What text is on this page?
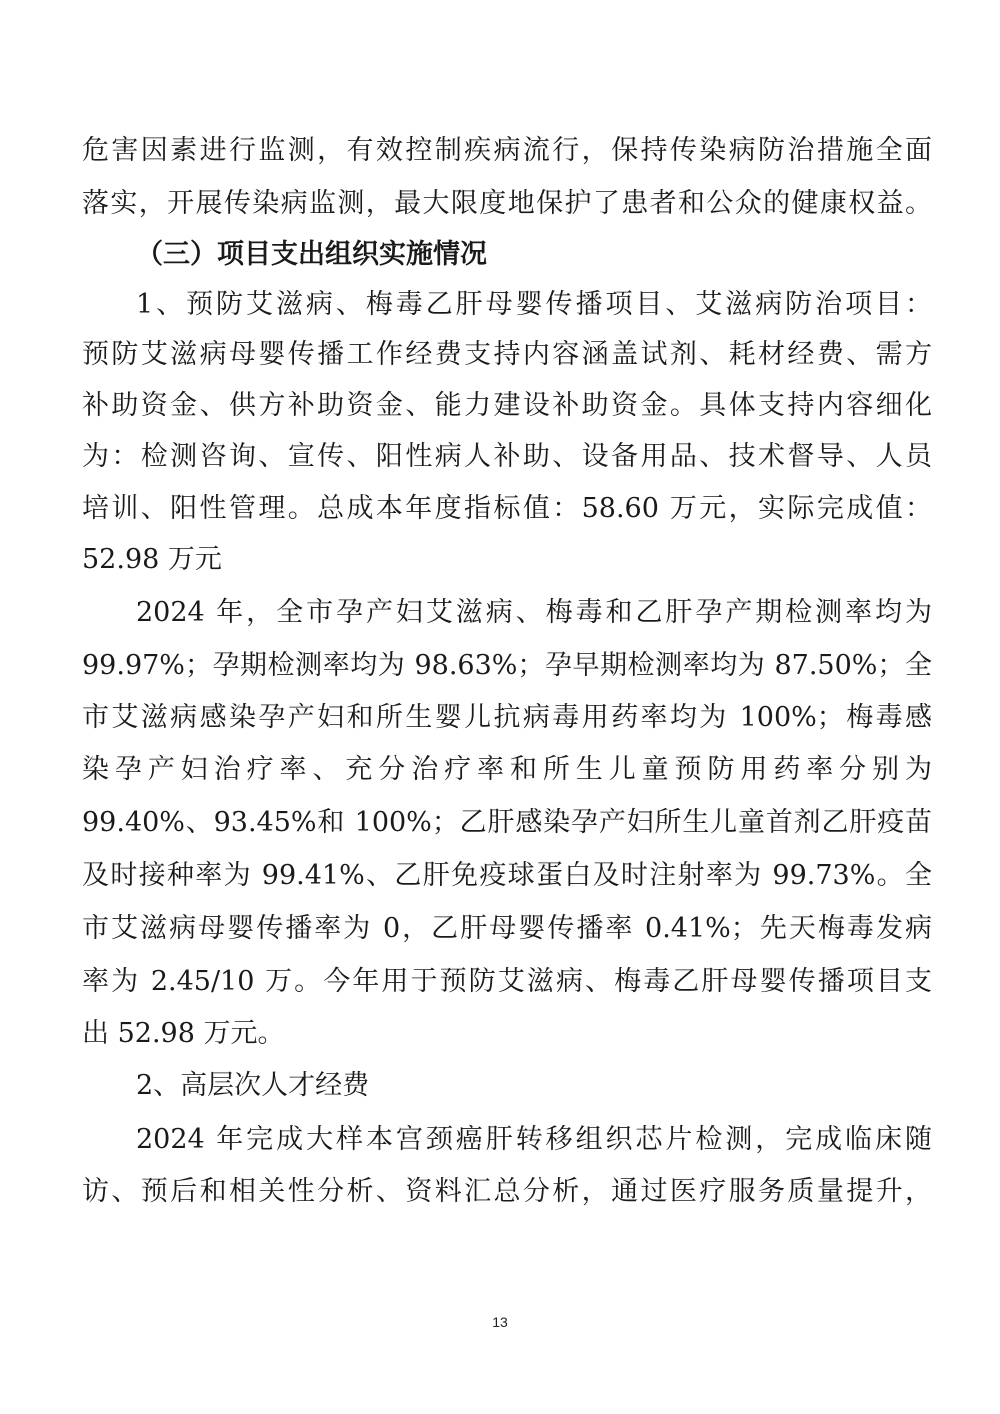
危害因素进行监测，有效控制疾病流行，保持传染病防治措施全面
落实，开展传染病监测，最大限度地保护了患者和公众的健康权益。
（三）项目支出组织实施情况
1、预防艾滋病、梅毒乙肝母婴传播项目、艾滋病防治项目：
预防艾滋病母婴传播工作经费支持内容涵盖试剂、耗材经费、需方
补助资金、供方补助资金、能力建设补助资金。具体支持内容细化
为：检测咨询、宣传、阳性病人补助、设备用品、技术督导、人员
培训、阳性管理。总成本年度指标值：58.60 万元，实际完成值：
52.98 万元
2024 年，全市孕产妇艾滋病、梅毒和乙肝孕产期检测率均为
99.97%；孕期检测率均为 98.63%；孕早期检测率均为 87.50%；全
市艾滋病感染孕产妇和所生婴儿抗病毒用药率均为 100%；梅毒感
染孕产妇治疗率、充分治疗率和所生儿童预防用药率分别为
99.40%、93.45%和 100%；乙肝感染孕产妇所生儿童首剂乙肝疫苗
及时接种率为 99.41%、乙肝免疫球蛋白及时注射率为 99.73%。全
市艾滋病母婴传播率为 0，乙肝母婴传播率 0.41%；先天梅毒发病
率为 2.45/10 万。今年用于预防艾滋病、梅毒乙肝母婴传播项目支
出 52.98 万元。
2、高层次人才经费
2024 年完成大样本宫颈癌肝转移组织芯片检测，完成临床随
访、预后和相关性分析、资料汇总分析，通过医疗服务质量提升，
13
